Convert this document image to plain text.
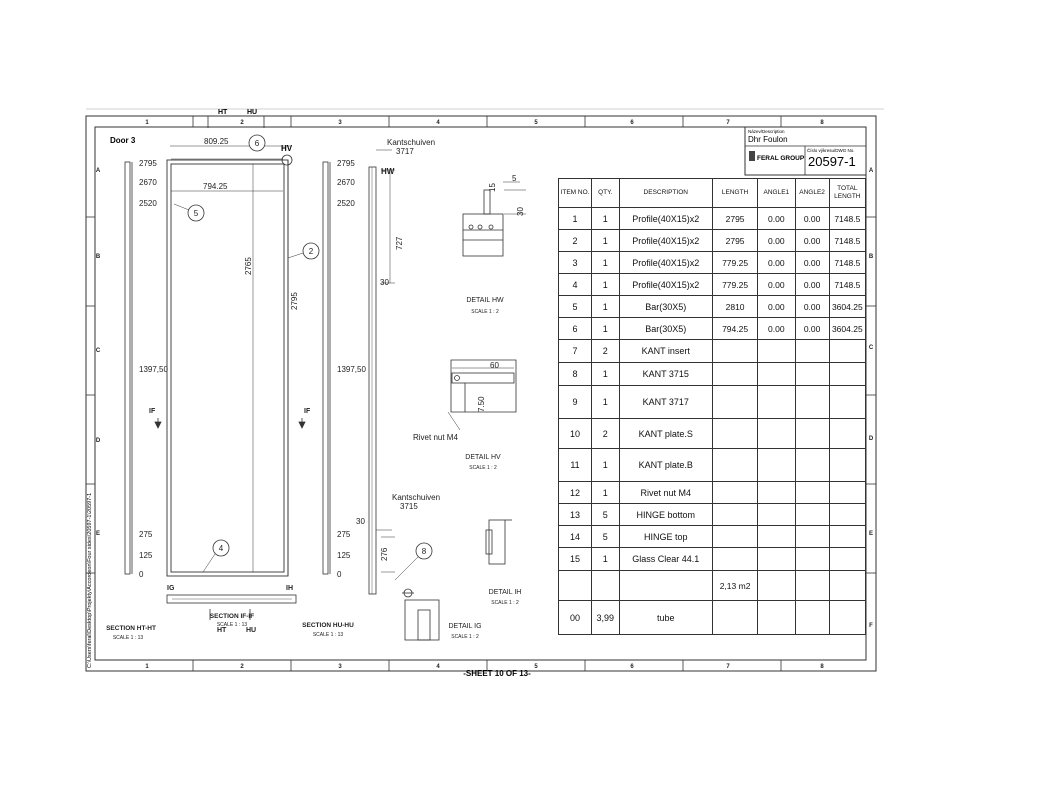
1	2	3	4	5	6	7	8
1	2	3	4	5	6	7	8
A
B
C
D
E
A
B
C
D
E
F
-SHEET 10 OF 13-
C:\Users\feral\Desktop\Projekty\Accordeon\Four sides\20597-1\20597-1
Door 3
2795
2670
2520
1397,50
275
125
0
809.25
794.25
2765
2795
HT	HU
HV
6
5
2
4	8
IF	IF
IG	IH
HT	HU
SECTION HT-HT
SCALE 1 : 13
SECTION IF-IF
SCALE 1 : 13	SECTION HU-HU
SCALE 1 : 13
2795
2670
2520
1397,50
275
125
0
Kantschuiven
3717
HW
727
30
Kantschuiven
3715
30
276
15
5
30
DETAIL HW
SCALE 1 : 2
60
7.50
Rivet nut M4
DETAIL HV
SCALE 1 : 2
DETAIL IH
SCALE 1 : 2
DETAIL IG
SCALE 1 : 2
Název/Description
Dhr Foulon
FERAL GROUP
Číslo výkresu/DWG No.
20597-1
ITEM NO.	QTY.	DESCRIPTION	LENGTH	ANGLE1	ANGLE2	TOTAL LENGTH
1	1	Profile(40X15)x2	2795	0.00	0.00	7148.5
2	1	Profile(40X15)x2	2795	0.00	0.00	7148.5
3	1	Profile(40X15)x2	779.25	0.00	0.00	7148.5
4	1	Profile(40X15)x2	779.25	0.00	0.00	7148.5
5	1	Bar(30X5)	2810	0.00	0.00	3604.25
6	1	Bar(30X5)	794.25	0.00	0.00	3604.25
7	2	KANT insert				
8	1	KANT 3715				
9	1	KANT 3717				
10	2	KANT plate.S				
11	1	KANT plate.B				
12	1	Rivet nut M4				
13	5	HINGE bottom				
14	5	HINGE top				
15	1	Glass Clear 44.1				
			2,13 m2			
00	3,99	tube				
